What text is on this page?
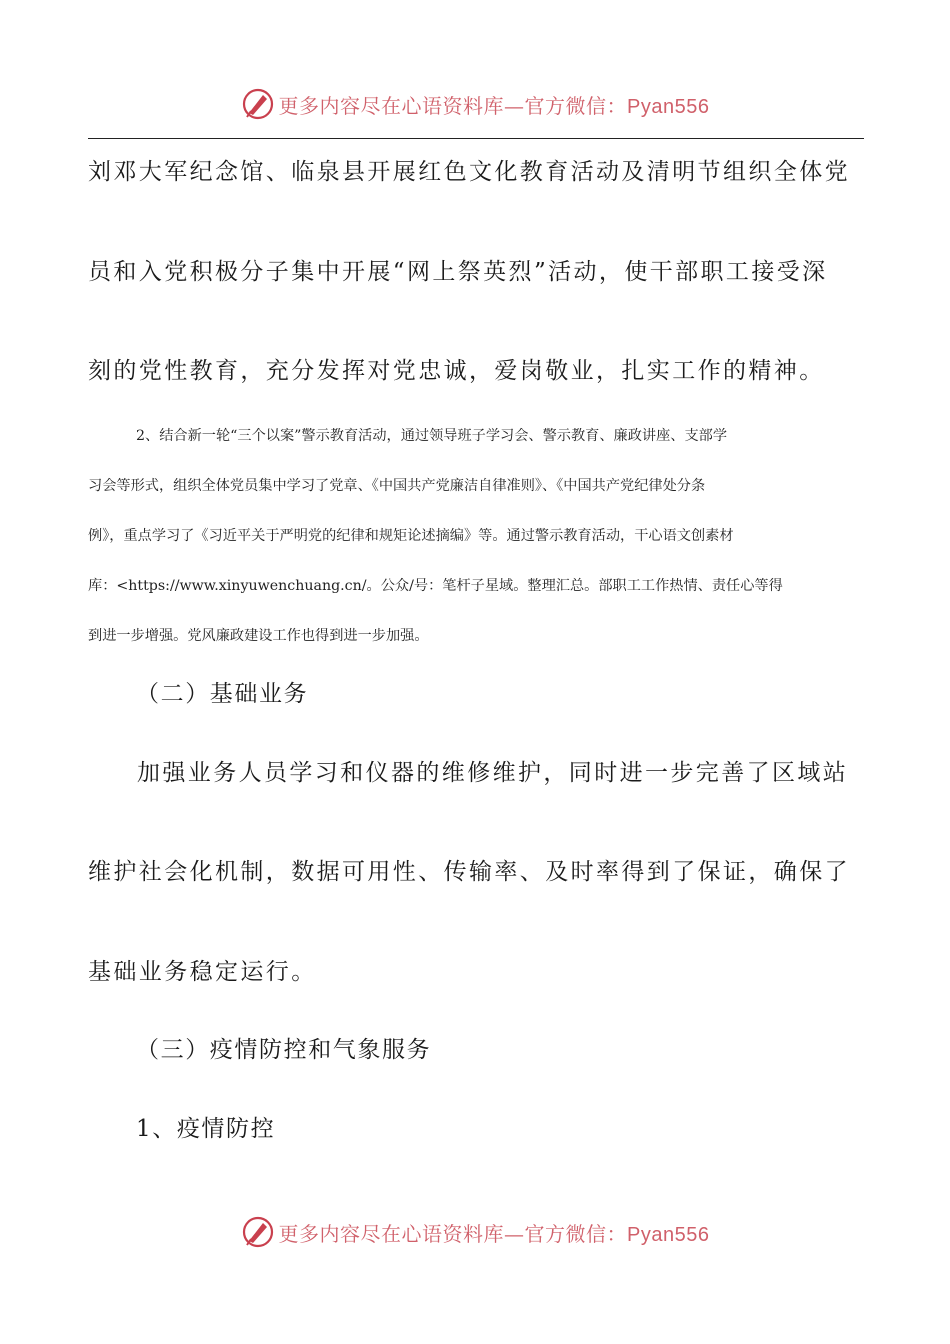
更多内容尽在心语资料库—官方微信：Pyan556
刘邓大军纪念馆、临泉县开展红色文化教育活动及清明节组织全体党
员和入党积极分子集中开展“网上祭英烈”活动，使干部职工接受深
刻的党性教育，充分发挥对党忠诚，爱岗敬业，扎实工作的精神。
2、结合新一轮“三个以案”警示教育活动，通过领导班子学习会、警示教育、廉政讲座、支部学
习会等形式，组织全体党员集中学习了党章、《中国共产党廉洁自律准则》、《中国共产党纪律处分条
例》，重点学习了《习近平关于严明党的纪律和规矩论述摘编》等。通过警示教育活动，干心语文创素材
库：<https://www.xinyuwenchuang.cn/。公众/号：笔杆子星域。整理汇总。部职工工作热情、责任心等得
到进一步增强。党风廉政建设工作也得到进一步加强。
（二）基础业务
加强业务人员学习和仪器的维修维护，同时进一步完善了区域站
维护社会化机制，数据可用性、传输率、及时率得到了保证，确保了
基础业务稳定运行。
（三）疫情防控和气象服务
1、疫情防控
更多内容尽在心语资料库—官方微信：Pyan556
